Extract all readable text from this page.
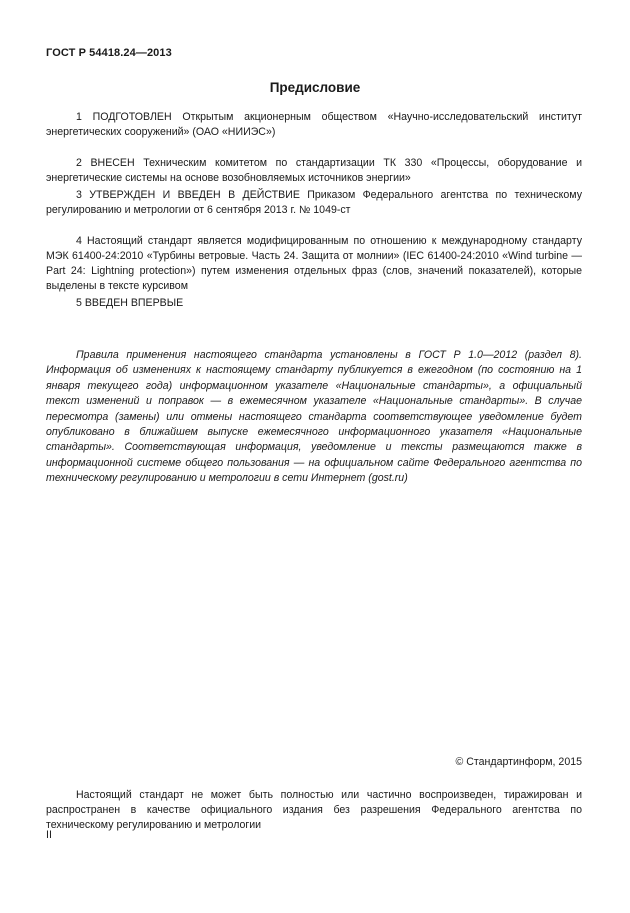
ГОСТ Р 54418.24—2013
Предисловие

1 ПОДГОТОВЛЕН Открытым акционерным обществом «Научно-исследовательский институт энергетических сооружений» (ОАО «НИИЭС»)

2 ВНЕСЕН Техническим комитетом по стандартизации ТК 330 «Процессы, оборудование и энергетические системы на основе возобновляемых источников энергии»

3 УТВЕРЖДЕН И ВВЕДЕН В ДЕЙСТВИЕ Приказом Федерального агентства по техническому регулированию и метрологии от 6 сентября 2013 г. № 1049-ст

4 Настоящий стандарт является модифицированным по отношению к международному стандарту МЭК 61400-24:2010 «Турбины ветровые. Часть 24. Защита от молнии» (IEC 61400-24:2010 «Wind turbine — Part 24: Lightning protection») путем изменения отдельных фраз (слов, значений показателей), которые выделены в тексте курсивом

5 ВВЕДЕН ВПЕРВЫЕ

Правила применения настоящего стандарта установлены в ГОСТ Р 1.0—2012 (раздел 8). Информация об изменениях к настоящему стандарту публикуется в ежегодном (по состоянию на 1 января текущего года) информационном указателе «Национальные стандарты», а официальный текст изменений и поправок — в ежемесячном указателе «Национальные стандарты». В случае пересмотра (замены) или отмены настоящего стандарта соответствующее уведомление будет опубликовано в ближайшем выпуске ежемесячного информационного указателя «Национальные стандарты». Соответствующая информация, уведомление и тексты размещаются также в информационной системе общего пользования — на официальном сайте Федерального агентства по техническому регулированию и метрологии в сети Интернет (gost.ru)

© Стандартинформ, 2015

Настоящий стандарт не может быть полностью или частично воспроизведен, тиражирован и распространен в качестве официального издания без разрешения Федерального агентства по техническому регулированию и метрологии

II
